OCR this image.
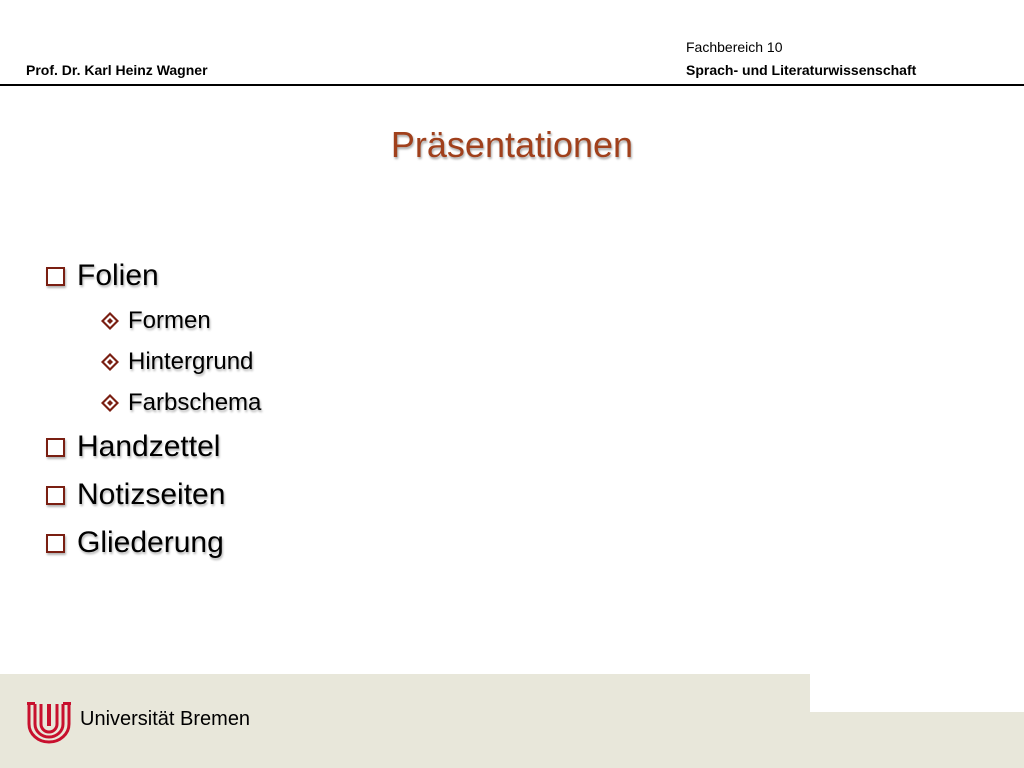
Prof. Dr. Karl Heinz Wagner
Fachbereich 10
Sprach- und Literaturwissenschaft
Präsentationen
Folien
Formen
Hintergrund
Farbschema
Handzettel
Notizseiten
Gliederung
Universität Bremen
